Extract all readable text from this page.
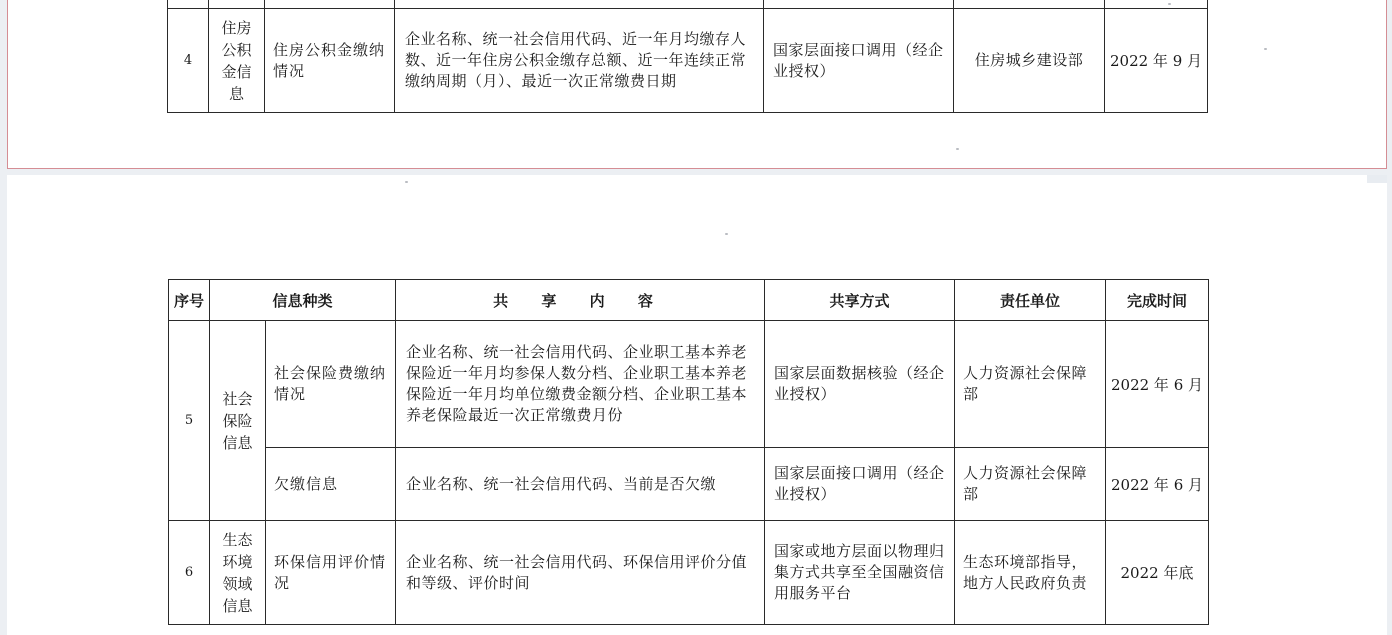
4	住房公积金信息	住房公积金缴纳情况	企业名称、统一社会信用代码、近一年月均缴存人数、近一年住房公积金缴存总额、近一年连续正常缴纳周期（月）、最近一次正常缴费日期	国家层面接口调用（经企业授权）	住房城乡建设部	2022 年 9 月
序号	信息种类		共 享 内 容	共享方式	责任单位	完成时间
5	社会保险信息	社会保险费缴纳情况	企业名称、统一社会信用代码、企业职工基本养老保险近一年月均参保人数分档、企业职工基本养老保险近一年月均单位缴费金额分档、企业职工基本养老保险最近一次正常缴费月份	国家层面数据核验（经企业授权）	人力资源社会保障部	2022 年 6 月
		欠缴信息	企业名称、统一社会信用代码、当前是否欠缴	国家层面接口调用（经企业授权）	人力资源社会保障部	2022 年 6 月
6	生态环境领域信息	环保信用评价情况	企业名称、统一社会信用代码、环保信用评价分值和等级、评价时间	国家或地方层面以物理归集方式共享至全国融资信用服务平台	生态环境部指导，地方人民政府负责	2022 年底
